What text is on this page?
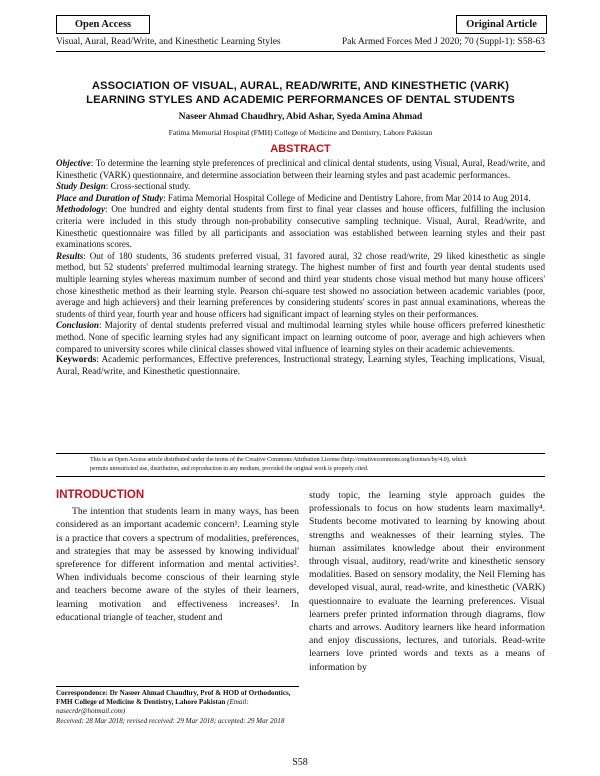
Open Access	Original Article
Visual, Aural, Read/Write, and Kinesthetic Learning Styles	Pak Armed Forces Med J 2020; 70 (Suppl-1): S58-63
ASSOCIATION OF VISUAL, AURAL, READ/WRITE, AND KINESTHETIC (VARK)
LEARNING STYLES AND ACADEMIC PERFORMANCES OF DENTAL STUDENTS
Naseer Ahmad Chaudhry, Abid Ashar, Syeda Amina Ahmad
Fatima Memorial Hospital (FMH) College of Medicine and Dentistry, Lahore Pakistan
ABSTRACT

Objective: To determine the learning style preferences of preclinical and clinical dental students, using Visual, Aural, Read/write, and Kinesthetic (VARK) questionnaire, and determine association between their learning styles and past academic performances.

Study Design: Cross-sectional study.

Place and Duration of Study: Fatima Memorial Hospital College of Medicine and Dentistry Lahore, from Mar 2014 to Aug 2014.

Methodology: One hundred and eighty dental students from first to final year classes and house officers, fulfilling the inclusion criteria were included in this study through non-probability consecutive sampling technique. Visual, Aural, Read/write, and Kinesthetic questionnaire was filled by all participants and association was established between learning styles and their past examinations scores.

Results: Out of 180 students, 36 students preferred visual, 31 favored aural, 32 chose read/write, 29 liked kinesthetic as single method, but 52 students' preferred multimodal learning strategy. The highest number of first and fourth year dental students used multiple learning styles whereas maximum number of second and third year students chose visual method but many house officers' chose kinesthetic method as their learning style. Pearson chi-square test showed no association between academic variables (poor, average and high achievers) and their learning preferences by considering students' scores in past annual examinations, whereas the students of third year, fourth year and house officers had significant impact of learning styles on their performances.

Conclusion: Majority of dental students preferred visual and multimodal learning styles while house officers preferred kinesthetic method. None of specific learning styles had any significant impact on learning outcome of poor, average and high achievers when compared to university scores while clinical classes showed vital influence of learning styles on their academic achievements.

Keywords: Academic performances, Effective preferences, Instructional strategy, Learning styles, Teaching implications, Visual, Aural, Read/write, and Kinesthetic questionnaire.

This is an Open Access article distributed under the terms of the Creative Commons Attribution License (http://creativecommons.org/licenses/by/4.0), which

permits unrestricted use, distribution, and reproduction in any medium, provided the original work is properly cited.

INTRODUCTION

The intention that students learn in many ways, has been considered as an important academic concern¹. Learning style is a practice that covers a spectrum of modalities, preferences, and strategies that may be assessed by knowing individual' spreference for different information and mental activities². When individuals become conscious of their learning style and teachers become aware of the styles of their learners, learning motivation and effectiveness increases³. In educational triangle of teacher, student and

study topic, the learning style approach guides the professionals to focus on how students learn maximally⁴. Students become motivated to learning by knowing about strengths and weaknesses of their learning styles. The human assimilates knowledge about their environment through visual, auditory, read/write and kinesthetic sensory modalities. Based on sensory modality, the Neil Fleming has developed visual, aural, read-write, and kinesthetic (VARK) questionnaire to evaluate the learning preferences. Visual learners prefer printed information through diagrams, flow charts and arrows. Auditory learners like heard information and enjoy discussions, lectures, and tutorials. Read-write learners love printed words and texts as a means of information by

Correspondence: Dr Naseer Ahmad Chaudhry, Prof & HOD of Orthodontics, FMH College of Medicine & Dentistry, Lahore Pakistan (Email: nasecrdr@hotmail.com)

Received: 28 Mar 2018; revised received: 29 Mar 2018; accepted: 29 Mar 2018

S58
